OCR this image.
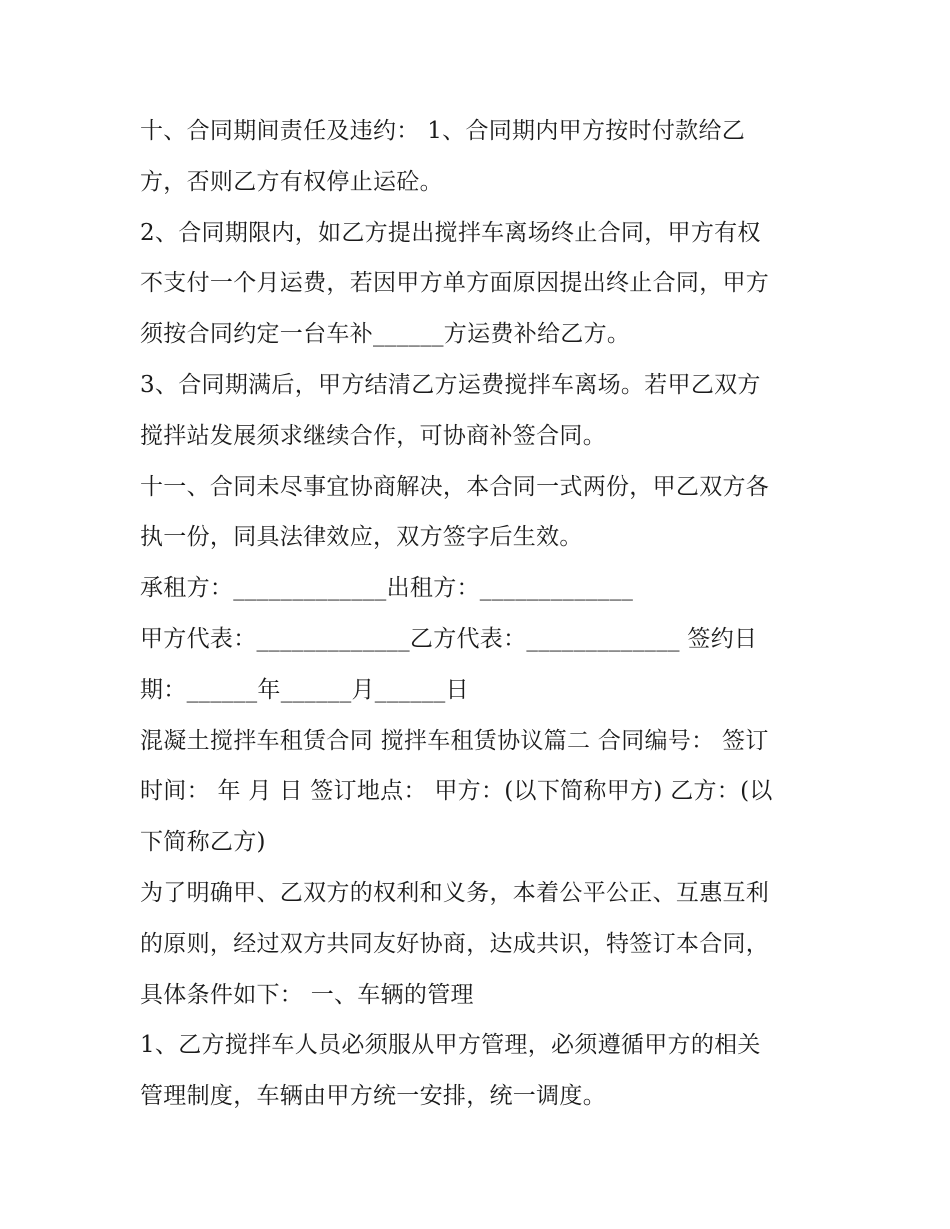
十、合同期间责任及违约： 1、合同期内甲方按时付款给乙
方，否则乙方有权停止运砼。
2、合同期限内，如乙方提出搅拌车离场终止合同，甲方有权
不支付一个月运费，若因甲方单方面原因提出终止合同，甲方
须按合同约定一台车补______方运费补给乙方。
3、合同期满后，甲方结清乙方运费搅拌车离场。若甲乙双方
搅拌站发展须求继续合作，可协商补签合同。
十一、合同未尽事宜协商解决，本合同一式两份，甲乙双方各
执一份，同具法律效应，双方签字后生效。
承租方：_____________出租方：_____________
甲方代表：_____________乙方代表：_____________ 签约日
期：______年______月______日
混凝土搅拌车租赁合同 搅拌车租赁协议篇二 合同编号： 签订
时间： 年 月 日 签订地点： 甲方：(以下简称甲方) 乙方：(以
下简称乙方)
为了明确甲、乙双方的权利和义务，本着公平公正、互惠互利
的原则，经过双方共同友好协商，达成共识，特签订本合同，
具体条件如下： 一、车辆的管理
1、乙方搅拌车人员必须服从甲方管理，必须遵循甲方的相关
管理制度，车辆由甲方统一安排，统一调度。
